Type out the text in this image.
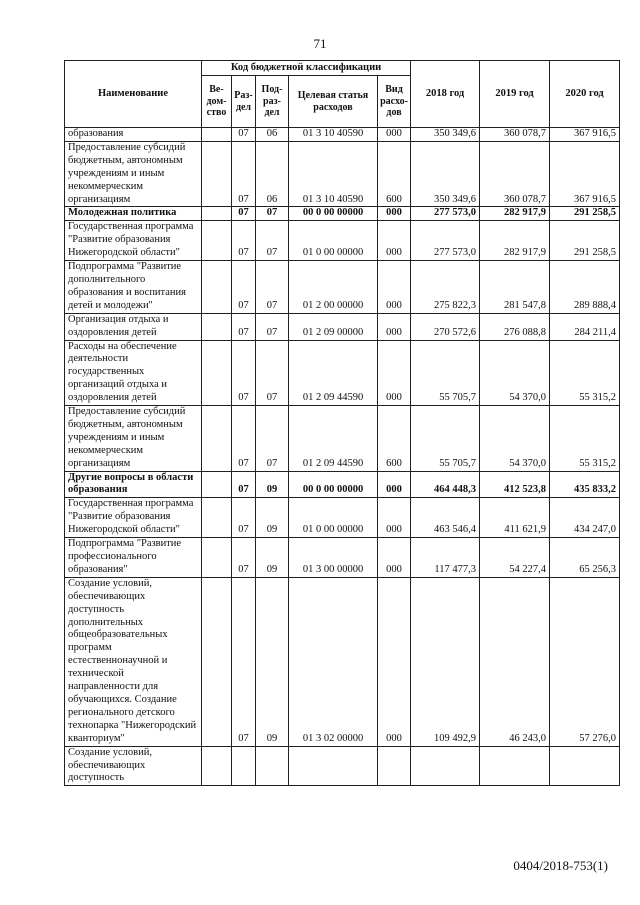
71
Наименование	Код бюджетной классификации					2018 год	2019 год	2020 год
	Ве-дом-ство	Раз-дел	Под-раз-дел	Целевая статья расходов	Вид расхо-дов			
образования		07	06	01 3 10 40590	000	350 349,6	360 078,7	367 916,5
Предоставление субсидий бюджетным, автономным учреждениям и иным некоммерческим организациям		07	06	01 3 10 40590	600	350 349,6	360 078,7	367 916,5
Молодежная политика		07	07	00 0 00 00000	000	277 573,0	282 917,9	291 258,5
Государственная программа "Развитие образования Нижегородской области"		07	07	01 0 00 00000	000	277 573,0	282 917,9	291 258,5
Подпрограмма "Развитие дополнительного образования и воспитания детей и молодежи"		07	07	01 2 00 00000	000	275 822,3	281 547,8	289 888,4
Организация отдыха и оздоровления детей		07	07	01 2 09 00000	000	270 572,6	276 088,8	284 211,4
Расходы на обеспечение деятельности государственных организаций отдыха и оздоровления детей		07	07	01 2 09 44590	000	55 705,7	54 370,0	55 315,2
Предоставление субсидий бюджетным, автономным учреждениям и иным некоммерческим организациям		07	07	01 2 09 44590	600	55 705,7	54 370,0	55 315,2
Другие вопросы в области образования		07	09	00 0 00 00000	000	464 448,3	412 523,8	435 833,2
Государственная программа "Развитие образования Нижегородской области"		07	09	01 0 00 00000	000	463 546,4	411 621,9	434 247,0
Подпрограмма "Развитие профессионального образования"		07	09	01 3 00 00000	000	117 477,3	54 227,4	65 256,3
Создание условий, обеспечивающих доступность дополнительных общеобразовательных программ естественнонаучной и технической направленности для обучающихся. Создание регионального детского технопарка "Нижегородский кванториум"		07	09	01 3 02 00000	000	109 492,9	46 243,0	57 276,0
Создание условий, обеспечивающих доступность								
0404/2018-753(1)
